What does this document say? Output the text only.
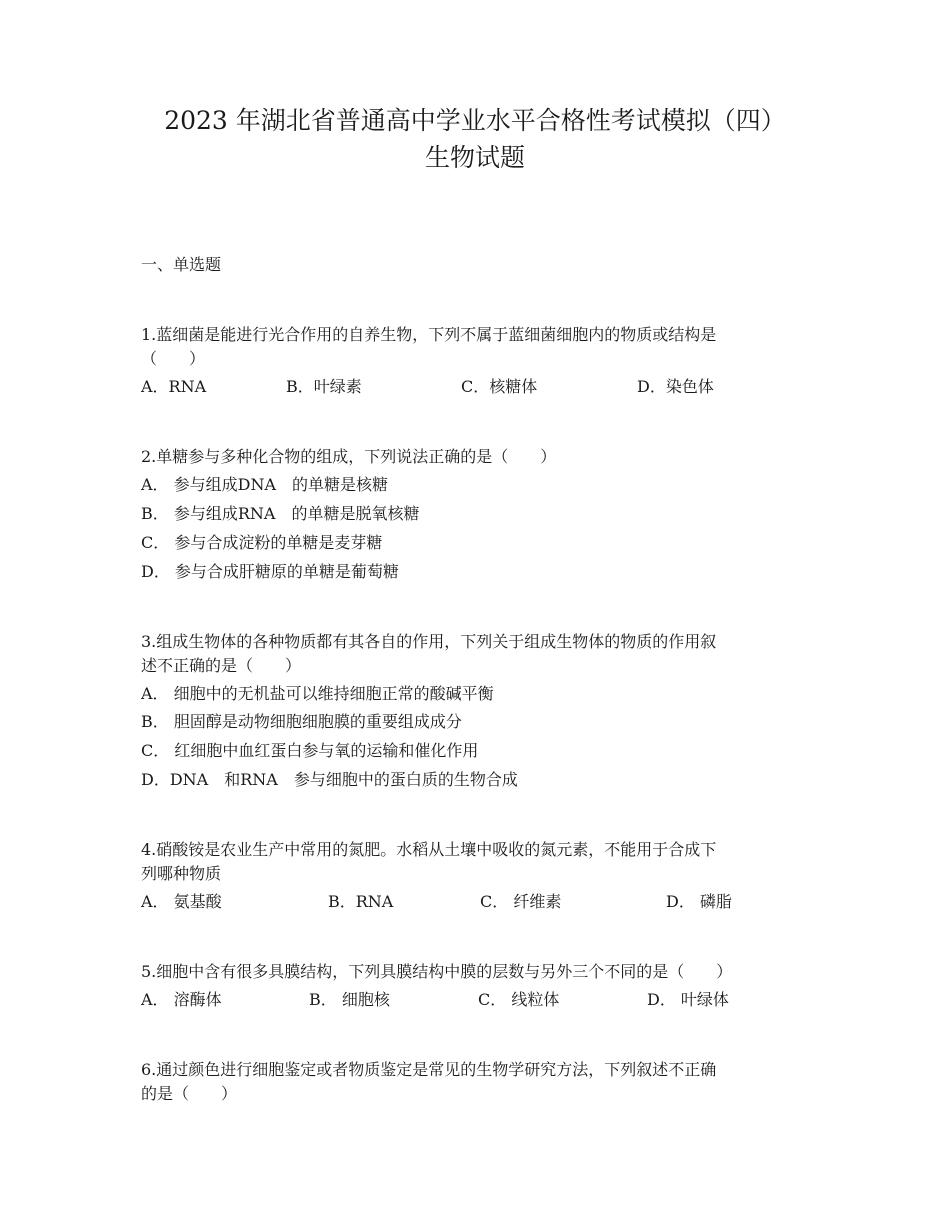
2023 年湖北省普通高中学业水平合格性考试模拟（四）
生物试题
一、单选题
1.蓝细菌是能进行光合作用的自养生物，下列不属于蓝细菌细胞内的物质或结构是
（　　）
A．RNA	B．叶绿素	C．核糖体	D．染色体
2.单糖参与多种化合物的组成，下列说法正确的是（　　）
A． 参与组成DNA　的单糖是核糖
B． 参与组成RNA　的单糖是脱氧核糖
C． 参与合成淀粉的单糖是麦芽糖
D． 参与合成肝糖原的单糖是葡萄糖
3.组成生物体的各种物质都有其各自的作用，下列关于组成生物体的物质的作用叙
述不正确的是（　　）
A． 细胞中的无机盐可以维持细胞正常的酸碱平衡
B． 胆固醇是动物细胞细胞膜的重要组成成分
C． 红细胞中血红蛋白参与氧的运输和催化作用
D．DNA　和RNA　参与细胞中的蛋白质的生物合成
4.硝酸铵是农业生产中常用的氮肥。水稻从土壤中吸收的氮元素，不能用于合成下
列哪种物质
A． 氨基酸	B．RNA	C． 纤维素	D． 磷脂
5.细胞中含有很多具膜结构，下列具膜结构中膜的层数与另外三个不同的是（　　）
A． 溶酶体	B． 细胞核	C． 线粒体	D． 叶绿体
6.通过颜色进行细胞鉴定或者物质鉴定是常见的生物学研究方法，下列叙述不正确
的是（　　）
